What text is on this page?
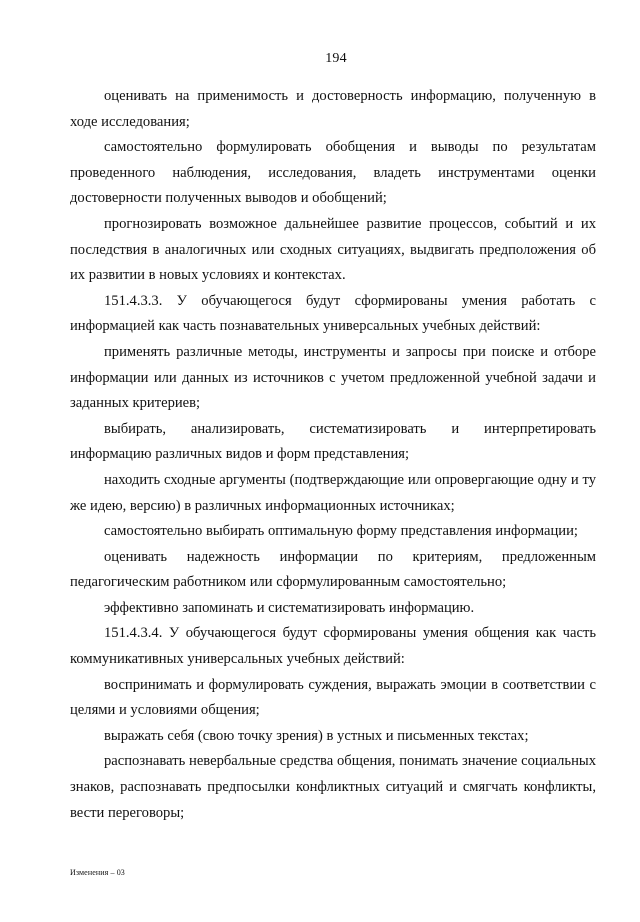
194

оценивать на применимость и достоверность информацию, полученную в ходе исследования;

самостоятельно формулировать обобщения и выводы по результатам проведенного наблюдения, исследования, владеть инструментами оценки достоверности полученных выводов и обобщений;

прогнозировать возможное дальнейшее развитие процессов, событий и их последствия в аналогичных или сходных ситуациях, выдвигать предположения об их развитии в новых условиях и контекстах.

151.4.3.3. У обучающегося будут сформированы умения работать с информацией как часть познавательных универсальных учебных действий:

применять различные методы, инструменты и запросы при поиске и отборе информации или данных из источников с учетом предложенной учебной задачи и заданных критериев;

выбирать, анализировать, систематизировать и интерпретировать информацию различных видов и форм представления;

находить сходные аргументы (подтверждающие или опровергающие одну и ту же идею, версию) в различных информационных источниках;

самостоятельно выбирать оптимальную форму представления информации;

оценивать надежность информации по критериям, предложенным педагогическим работником или сформулированным самостоятельно;

эффективно запоминать и систематизировать информацию.

151.4.3.4. У обучающегося будут сформированы умения общения как часть коммуникативных универсальных учебных действий:

воспринимать и формулировать суждения, выражать эмоции в соответствии с целями и условиями общения;

выражать себя (свою точку зрения) в устных и письменных текстах;

распознавать невербальные средства общения, понимать значение социальных знаков, распознавать предпосылки конфликтных ситуаций и смягчать конфликты, вести переговоры;

Изменения – 03
